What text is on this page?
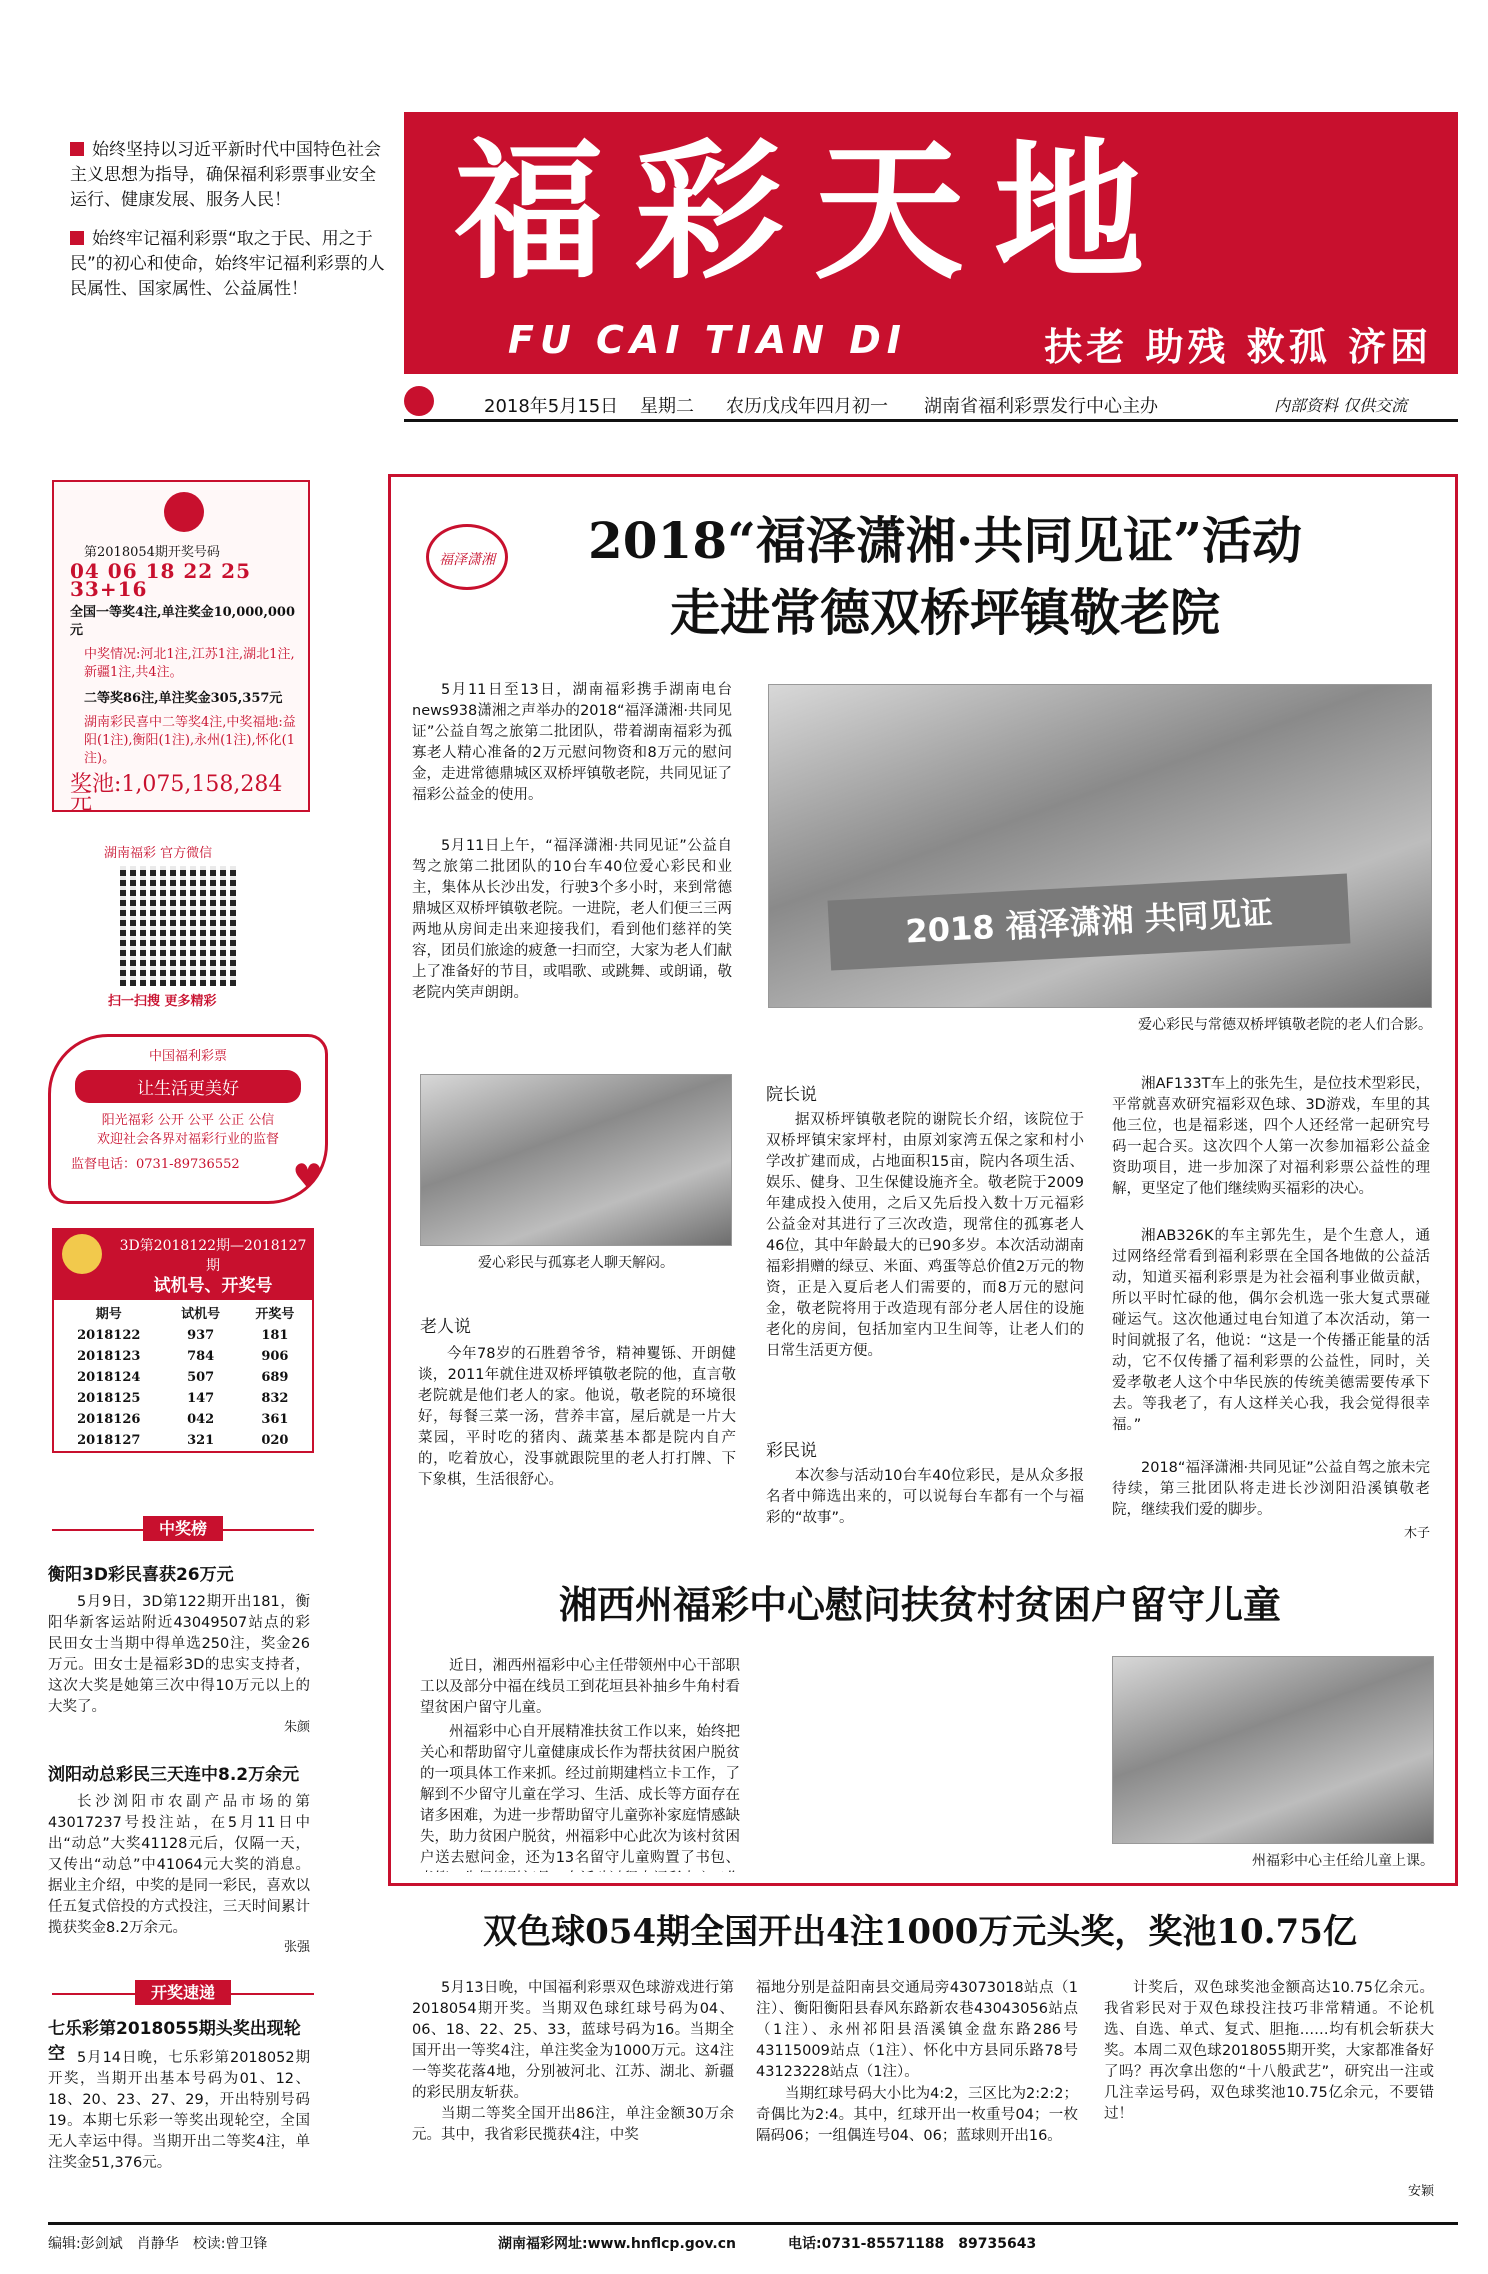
始终坚持以习近平新时代中国特色社会主义思想为指导，确保福利彩票事业安全运行、健康发展、服务人民！

始终牢记福利彩票“取之于民、用之于民”的初心和使命，始终牢记福利彩票的人民属性、国家属性、公益属性！ 福彩天地
FU CAI TIAN DI	扶老 助残 救孤 济困
2018年5月15日 星期二 农历戊戌年四月初一 湖南省福利彩票发行中心主办	内部资料 仅供交流
第2018054期开奖号码
04 06 18 22 25 33+16
全国一等奖4注,单注奖金10,000,000元
中奖情况:河北1注,江苏1注,湖北1注,新疆1注,共4注。
二等奖86注,单注奖金305,357元
湖南彩民喜中二等奖4注,中奖福地:益阳(1注),衡阳(1注),永州(1注),怀化(1注)。
奖池:1,075,158,284元
湖南福彩 官方微信
扫一扫搜 更多精彩
中国福利彩票
让生活更美好
阳光福彩 公开 公平 公正 公信
欢迎社会各界对福彩行业的监督
监督电话：0731-89736552	♥
3D第2018122期—2018127期
试机号、开奖号
期号	试机号	开奖号
2018122	937	181
2018123	784	906
2018124	507	689
2018125	147	832
2018126	042	361
2018127	321	020
中奖榜
衡阳3D彩民喜获26万元
5月9日，3D第122期开出181，衡阳华新客运站附近43049507站点的彩民田女士当期中得单选250注，奖金26万元。田女士是福彩3D的忠实支持者，这次大奖是她第三次中得10万元以上的大奖了。
朱颜
浏阳动总彩民三天连中8.2万余元
长沙浏阳市农副产品市场的第43017237号投注站，在5月11日中出“动总”大奖41128元后，仅隔一天，又传出“动总”中41064元大奖的消息。据业主介绍，中奖的是同一彩民，喜欢以任五复式倍投的方式投注，三天时间累计揽获奖金8.2万余元。
张强
开奖速递
七乐彩第2018055期头奖出现轮空 5月14日晚，七乐彩第2018052期开奖，当期开出基本号码为01、12、18、20、23、27、29，开出特别号码19。本期七乐彩一等奖出现轮空，全国无人幸运中得。当期开出二等奖4注，单注奖金51,376元。
福泽潇湘	2018“福泽潇湘·共同见证”活动
走进常德双桥坪镇敬老院
5月11日至13日，湖南福彩携手湖南电台news938潇湘之声举办的2018“福泽潇湘·共同见证”公益自驾之旅第二批团队，带着湖南福彩为孤寡老人精心准备的2万元慰问物资和8万元的慰问金，走进常德鼎城区双桥坪镇敬老院，共同见证了福彩公益金的使用。
5月11日上午，“福泽潇湘·共同见证”公益自驾之旅第二批团队的10台车40位爱心彩民和业主，集体从长沙出发，行驶3个多小时，来到常德鼎城区双桥坪镇敬老院。一进院，老人们便三三两两地从房间走出来迎接我们，看到他们慈祥的笑容，团员们旅途的疲惫一扫而空，大家为老人们献上了准备好的节目，或唱歌、或跳舞、或朗诵，敬老院内笑声朗朗。
2018 福泽潇湘 共同见证
爱心彩民与常德双桥坪镇敬老院的老人们合影。
爱心彩民与孤寡老人聊天解闷。
老人说
今年78岁的石胜碧爷爷，精神矍铄、开朗健谈，2011年就住进双桥坪镇敬老院的他，直言敬老院就是他们老人的家。他说，敬老院的环境很好，每餐三菜一汤，营养丰富，屋后就是一片大菜园，平时吃的猪肉、蔬菜基本都是院内自产的，吃着放心，没事就跟院里的老人打打牌、下下象棋，生活很舒心。
院长说
据双桥坪镇敬老院的谢院长介绍，该院位于双桥坪镇宋家坪村，由原刘家湾五保之家和村小学改扩建而成，占地面积15亩，院内各项生活、娱乐、健身、卫生保健设施齐全。敬老院于2009年建成投入使用，之后又先后投入数十万元福彩公益金对其进行了三次改造，现常住的孤寡老人46位，其中年龄最大的已90多岁。本次活动湖南福彩捐赠的绿豆、米面、鸡蛋等总价值2万元的物资，正是入夏后老人们需要的，而8万元的慰问金，敬老院将用于改造现有部分老人居住的设施老化的房间，包括加室内卫生间等，让老人们的日常生活更方便。
彩民说
本次参与活动10台车40位彩民，是从众多报名者中筛选出来的，可以说每台车都有一个与福彩的“故事”。
湘AF133T车上的张先生，是位技术型彩民，平常就喜欢研究福彩双色球、3D游戏，车里的其他三位，也是福彩迷，四个人还经常一起研究号码一起合买。这次四个人第一次参加福彩公益金资助项目，进一步加深了对福利彩票公益性的理解，更坚定了他们继续购买福彩的决心。
湘AB326K的车主郭先生，是个生意人，通过网络经常看到福利彩票在全国各地做的公益活动，知道买福利彩票是为社会福利事业做贡献，所以平时忙碌的他，偶尔会机选一张大复式票碰碰运气。这次他通过电台知道了本次活动，第一时间就报了名，他说：“这是一个传播正能量的活动，它不仅传播了福利彩票的公益性，同时，关爱孝敬老人这个中华民族的传统美德需要传承下去。等我老了，有人这样关心我，我会觉得很幸福。”
2018“福泽潇湘·共同见证”公益自驾之旅未完待续，第三批团队将走进长沙浏阳沿溪镇敬老院，继续我们爱的脚步。
木子
湘西州福彩中心慰问扶贫村贫困户留守儿童
近日，湘西州福彩中心主任带领州中心干部职工以及部分中福在线员工到花垣县补抽乡牛角村看望贫困户留守儿童。
州福彩中心自开展精准扶贫工作以来，始终把关心和帮助留守儿童健康成长作为帮扶贫困户脱贫的一项具体工作来抓。经过前期建档立卡工作，了解到不少留守儿童在学习、生活、成长等方面存在诸多困难，为进一步帮助留守儿童弥补家庭情感缺失，助力贫困户脱贫，州福彩中心此次为该村贫困户送去慰问金，还为13名留守儿童购置了书包、	州福彩中心主任给儿童上课。
双色球054期全国开出4注1000万元头奖，奖池10.75亿
5月13日晚，中国福利彩票双色球游戏进行第2018054期开奖。当期双色球红球号码为04、06、18、22、25、33，蓝球号码为16。当期全国开出一等奖4注，单注奖金为1000万元。这4注一等奖花落4地，分别被河北、江苏、湖北、新疆的彩民朋友斩获。
当期二等奖全国开出86注，单注金额30万余元。其中，我省彩民揽获4注，中奖
福地分别是益阳南县交通局旁43073018站点（1注）、衡阳衡阳县春风东路新农巷43043056站点（1注）、永州祁阳县浯溪镇金盘东路286号43115009站点（1注）、怀化中方县同乐路78号43123228站点（1注）。
当期红球号码大小比为4:2，三区比为2:2:2；奇偶比为2:4。其中，红球开出一枚重号04；一枚隔码06；一组偶连号04、06；蓝球则开出16。
计奖后，双色球奖池金额高达10.75亿余元。我省彩民对于双色球投注技巧非常精通。不论机选、自选、单式、复式、胆拖……均有机会斩获大奖。本周二双色球2018055期开奖，大家都准备好了吗？再次拿出您的“十八般武艺”，研究出一注或几注幸运号码，双色球奖池10.75亿余元，不要错过！
安颖
编辑:彭剑斌　肖静华　校读:曾卫锋	湖南福彩网址:www.hnflcp.gov.cn	电话:0731-85571188　89735643
